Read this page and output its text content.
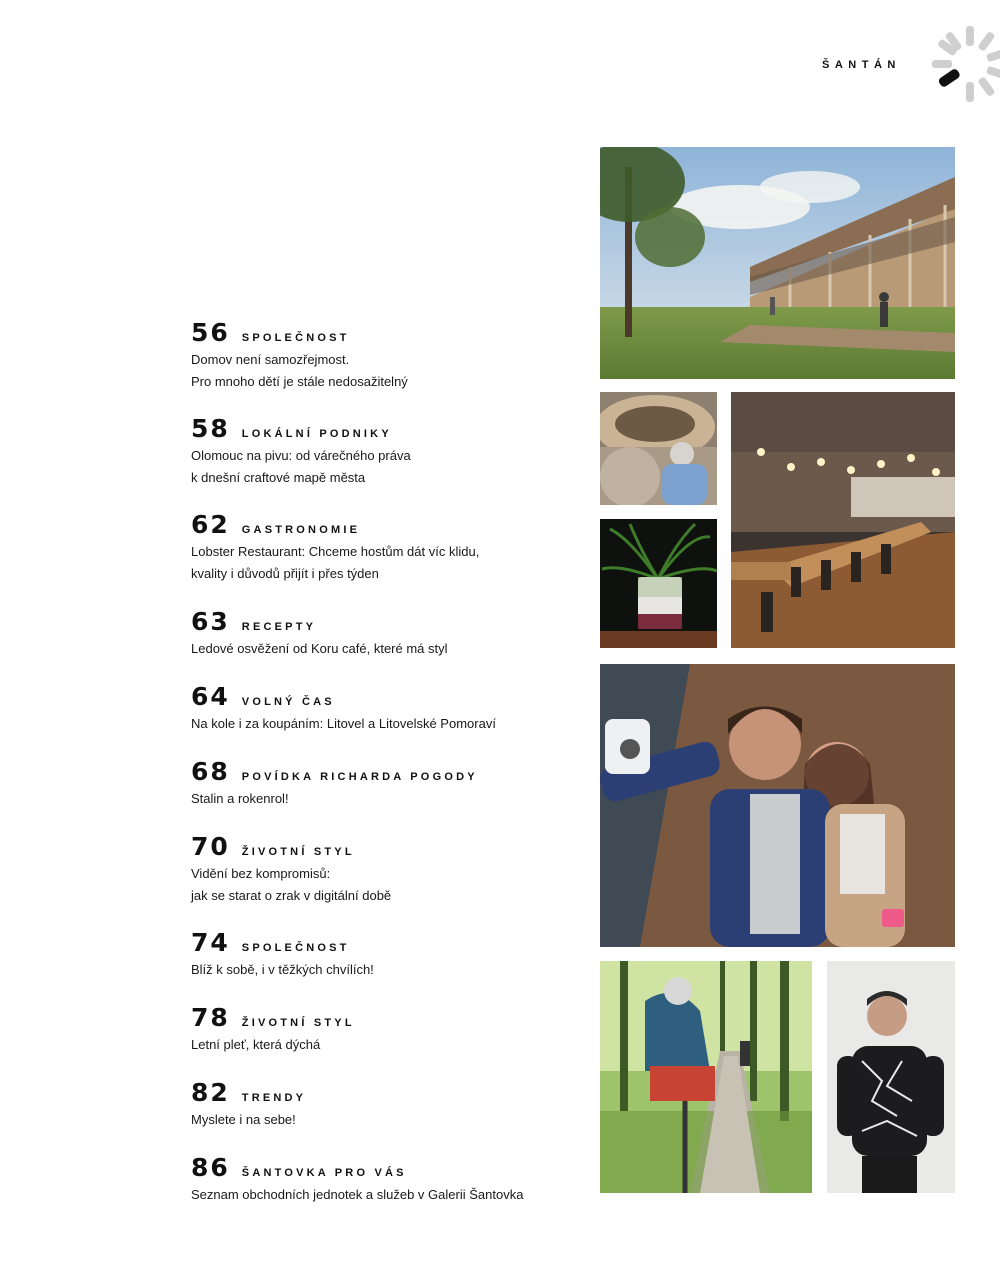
ŠANTÁN
56 SPOLEČNOST
Domov není samozřejmost.
Pro mnoho dětí je stále nedosažitelný
58 LOKÁLNÍ PODNIKY
Olomouc na pivu: od várečného práva
k dnešní craftové mapě města
62 GASTRONOMIE
Lobster Restaurant: Chceme hostům dát víc klidu,
kvality i důvodů přijít i přes týden
63 RECEPTY
Ledové osvěžení od Koru café, které má styl
64 VOLNÝ ČAS
Na kole i za koupáním: Litovel a Litovelské Pomoraví
68 POVÍDKA RICHARDA POGODY
Stalin a rokenrol!
70 ŽIVOTNÍ STYL
Vidění bez kompromisů:
jak se starat o zrak v digitální době
74 SPOLEČNOST
Blíž k sobě, i v těžkých chvílích!
78 ŽIVOTNÍ STYL
Letní pleť, která dýchá
82 TRENDY
Myslete i na sebe!
86 ŠANTOVKA PRO VÁS
Seznam obchodních jednotek a služeb v Galerii Šantovka
